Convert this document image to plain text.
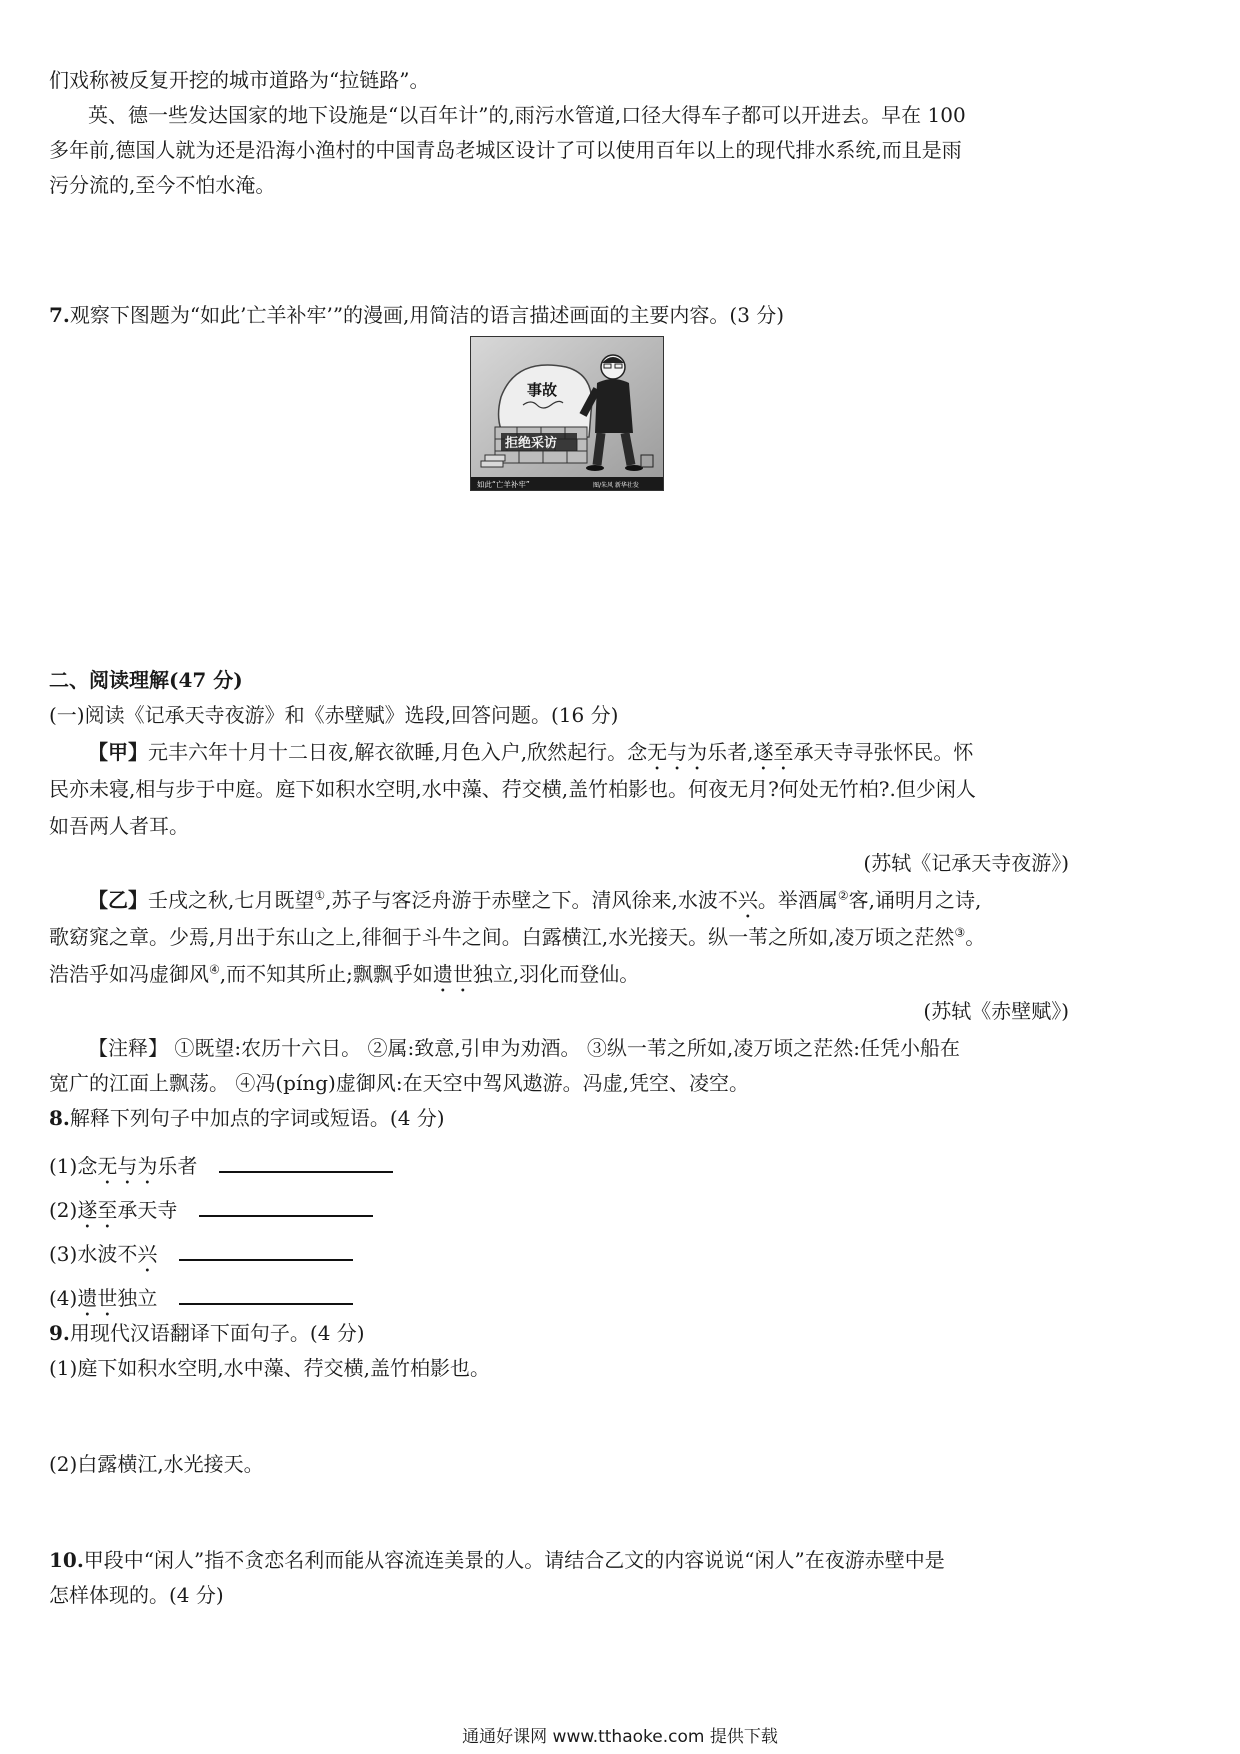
们戏称被反复开挖的城市道路为“拉链路”。
英、德一些发达国家的地下设施是“以百年计”的,雨污水管道,口径大得车子都可以开进去。早在 100
多年前,德国人就为还是沿海小渔村的中国青岛老城区设计了可以使用百年以上的现代排水系统,而且是雨
污分流的,至今不怕水淹。
7.观察下图题为“如此’亡羊补牢’”的漫画,用简洁的语言描述画面的主要内容。(3 分)
事故
拒绝采访
如此“亡羊补牢”	图/朱风 新华社发
二、阅读理解(47 分)
(一)阅读《记承天寺夜游》和《赤壁赋》选段,回答问题。(16 分)
【甲】元丰六年十月十二日夜,解衣欲睡,月色入户,欣然起行。念无与为乐者,遂至承天寺寻张怀民。怀
民亦未寝,相与步于中庭。庭下如积水空明,水中藻、荇交横,盖竹柏影也。何夜无月?何处无竹柏?.但少闲人
如吾两人者耳。
(苏轼《记承天寺夜游》)
【乙】壬戌之秋,七月既望①,苏子与客泛舟游于赤壁之下。清风徐来,水波不兴。举酒属②客,诵明月之诗,
歌窈窕之章。少焉,月出于东山之上,徘徊于斗牛之间。白露横江,水光接天。纵一苇之所如,凌万顷之茫然③。
浩浩乎如冯虚御风④,而不知其所止;飘飘乎如遗世独立,羽化而登仙。
(苏轼《赤壁赋》)
【注释】 ①既望:农历十六日。 ②属:致意,引申为劝酒。 ③纵一苇之所如,凌万顷之茫然:任凭小船在
宽广的江面上飘荡。 ④冯(píng)虚御风:在天空中驾风遨游。冯虚,凭空、凌空。
8.解释下列句子中加点的字词或短语。(4 分)
(1)念无与为乐者
(2)遂至承天寺
(3)水波不兴
(4)遗世独立
9.用现代汉语翻译下面句子。(4 分)
(1)庭下如积水空明,水中藻、荇交横,盖竹柏影也。
(2)白露横江,水光接天。
10.甲段中“闲人”指不贪恋名利而能从容流连美景的人。请结合乙文的内容说说“闲人”在夜游赤壁中是
怎样体现的。(4 分)
通通好课网 www.tthaoke.com 提供下载
